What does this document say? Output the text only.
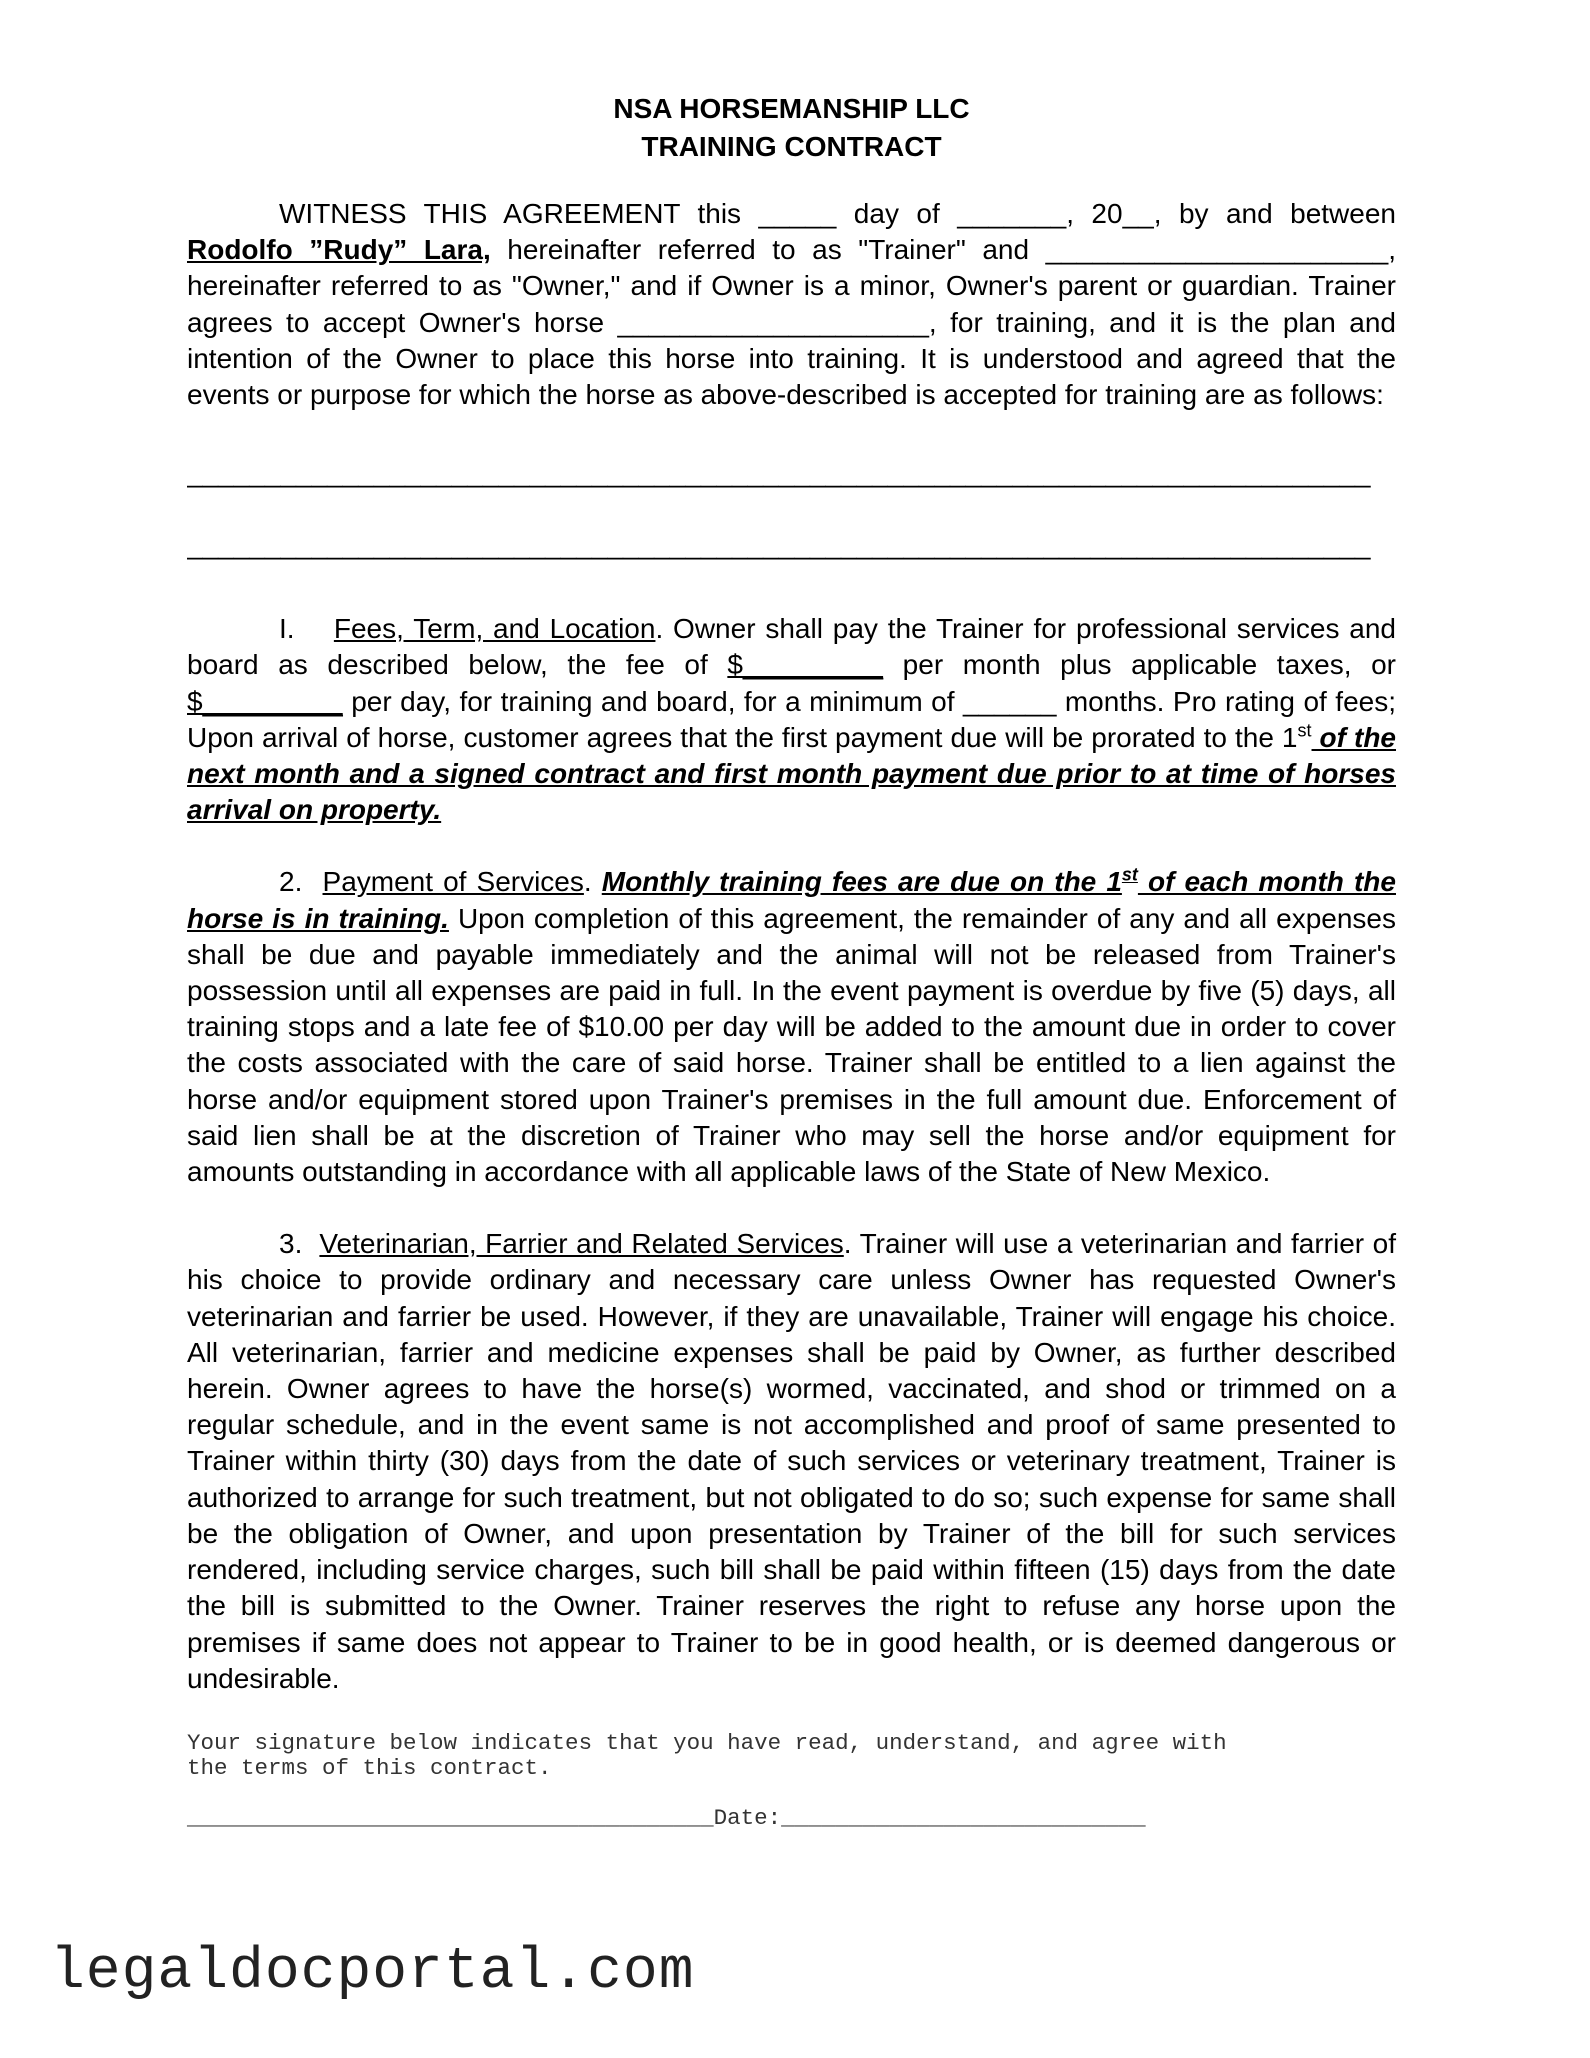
NSA HORSEMANSHIP LLC
TRAINING CONTRACT

WITNESS THIS AGREEMENT this _____ day of _______, 20__, by and between Rodolfo ”Rudy” Lara, hereinafter referred to as "Trainer" and ______________________, hereinafter referred to as "Owner," and if Owner is a minor, Owner's parent or guardian. Trainer agrees to accept Owner's horse ____________________, for training, and it is the plan and intention of the Owner to place this horse into training. It is understood and agreed that the events or purpose for which the horse as above-described is accepted for training are as follows:

____________________________________________________________________________
____________________________________________________________________________

I. Fees, Term, and Location. Owner shall pay the Trainer for professional services and board as described below, the fee of $_________ per month plus applicable taxes, or $_________ per day, for training and board, for a minimum of ______ months. Pro rating of fees; Upon arrival of horse, customer agrees that the first payment due will be prorated to the 1st of the next month and a signed contract and first month payment due prior to at time of horses arrival on property.

2. Payment of Services. Monthly training fees are due on the 1st of each month the horse is in training. Upon completion of this agreement, the remainder of any and all expenses shall be due and payable immediately and the animal will not be released from Trainer's possession until all expenses are paid in full. In the event payment is overdue by five (5) days, all training stops and a late fee of $10.00 per day will be added to the amount due in order to cover the costs associated with the care of said horse. Trainer shall be entitled to a lien against the horse and/or equipment stored upon Trainer's premises in the full amount due. Enforcement of said lien shall be at the discretion of Trainer who may sell the horse and/or equipment for amounts outstanding in accordance with all applicable laws of the State of New Mexico.

3. Veterinarian, Farrier and Related Services. Trainer will use a veterinarian and farrier of his choice to provide ordinary and necessary care unless Owner has requested Owner's veterinarian and farrier be used. However, if they are unavailable, Trainer will engage his choice. All veterinarian, farrier and medicine expenses shall be paid by Owner, as further described herein. Owner agrees to have the horse(s) wormed, vaccinated, and shod or trimmed on a regular schedule, and in the event same is not accomplished and proof of same presented to Trainer within thirty (30) days from the date of such services or veterinary treatment, Trainer is authorized to arrange for such treatment, but not obligated to do so; such expense for same shall be the obligation of Owner, and upon presentation by Trainer of the bill for such services rendered, including service charges, such bill shall be paid within fifteen (15) days from the date the bill is submitted to the Owner. Trainer reserves the right to refuse any horse upon the premises if same does not appear to Trainer to be in good health, or is deemed dangerous or undesirable.

Your signature below indicates that you have read, understand, and agree with
the terms of this contract.
_______________________________________Date:___________________________
legaldocportal.com
